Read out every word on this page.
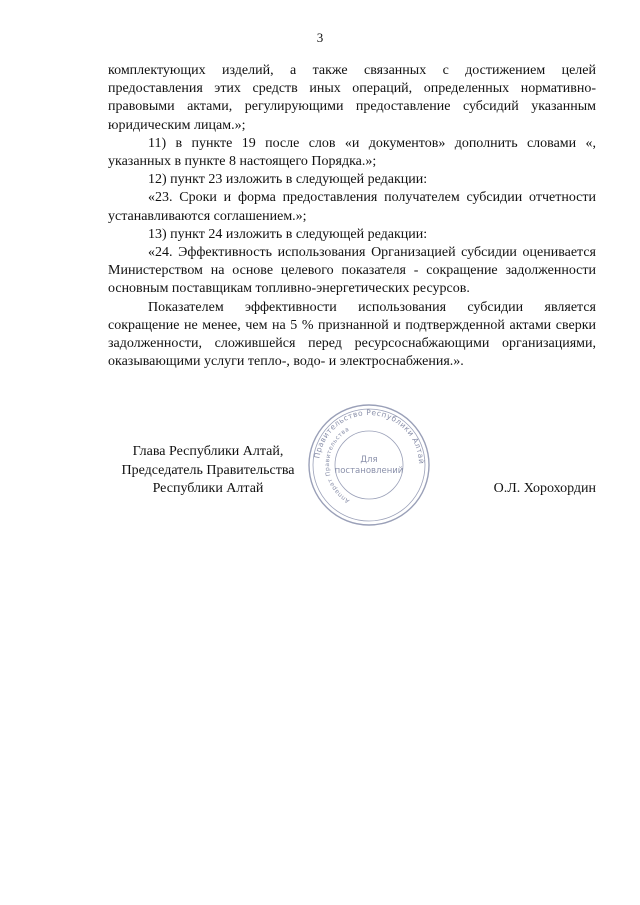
3

комплектующих изделий, а также связанных с достижением целей предоставления этих средств иных операций, определенных нормативно-правовыми актами, регулирующими предоставление субсидий указанным юридическим лицам.»;

11) в пункте 19 после слов «и документов» дополнить словами «, указанных в пункте 8 настоящего Порядка.»;

12) пункт 23 изложить в следующей редакции:

«23. Сроки и форма предоставления получателем субсидии отчетности устанавливаются соглашением.»;

13) пункт 24 изложить в следующей редакции:

«24. Эффективность использования Организацией субсидии оценивается Министерством на основе целевого показателя - сокращение задолженности основным поставщикам топливно-энергетических ресурсов.

Показателем эффективности использования субсидии является сокращение не менее, чем на 5 % признанной и подтвержденной актами сверки задолженности, сложившейся перед ресурсоснабжающими организациями, оказывающими услуги тепло-, водо- и электроснабжения.».

Правительство Республики Алтай
Аппарат Правительства
Для
постановлений
Глава Республики Алтай,
Председатель Правительства
Республики Алтай	О.Л. Хорохордин
